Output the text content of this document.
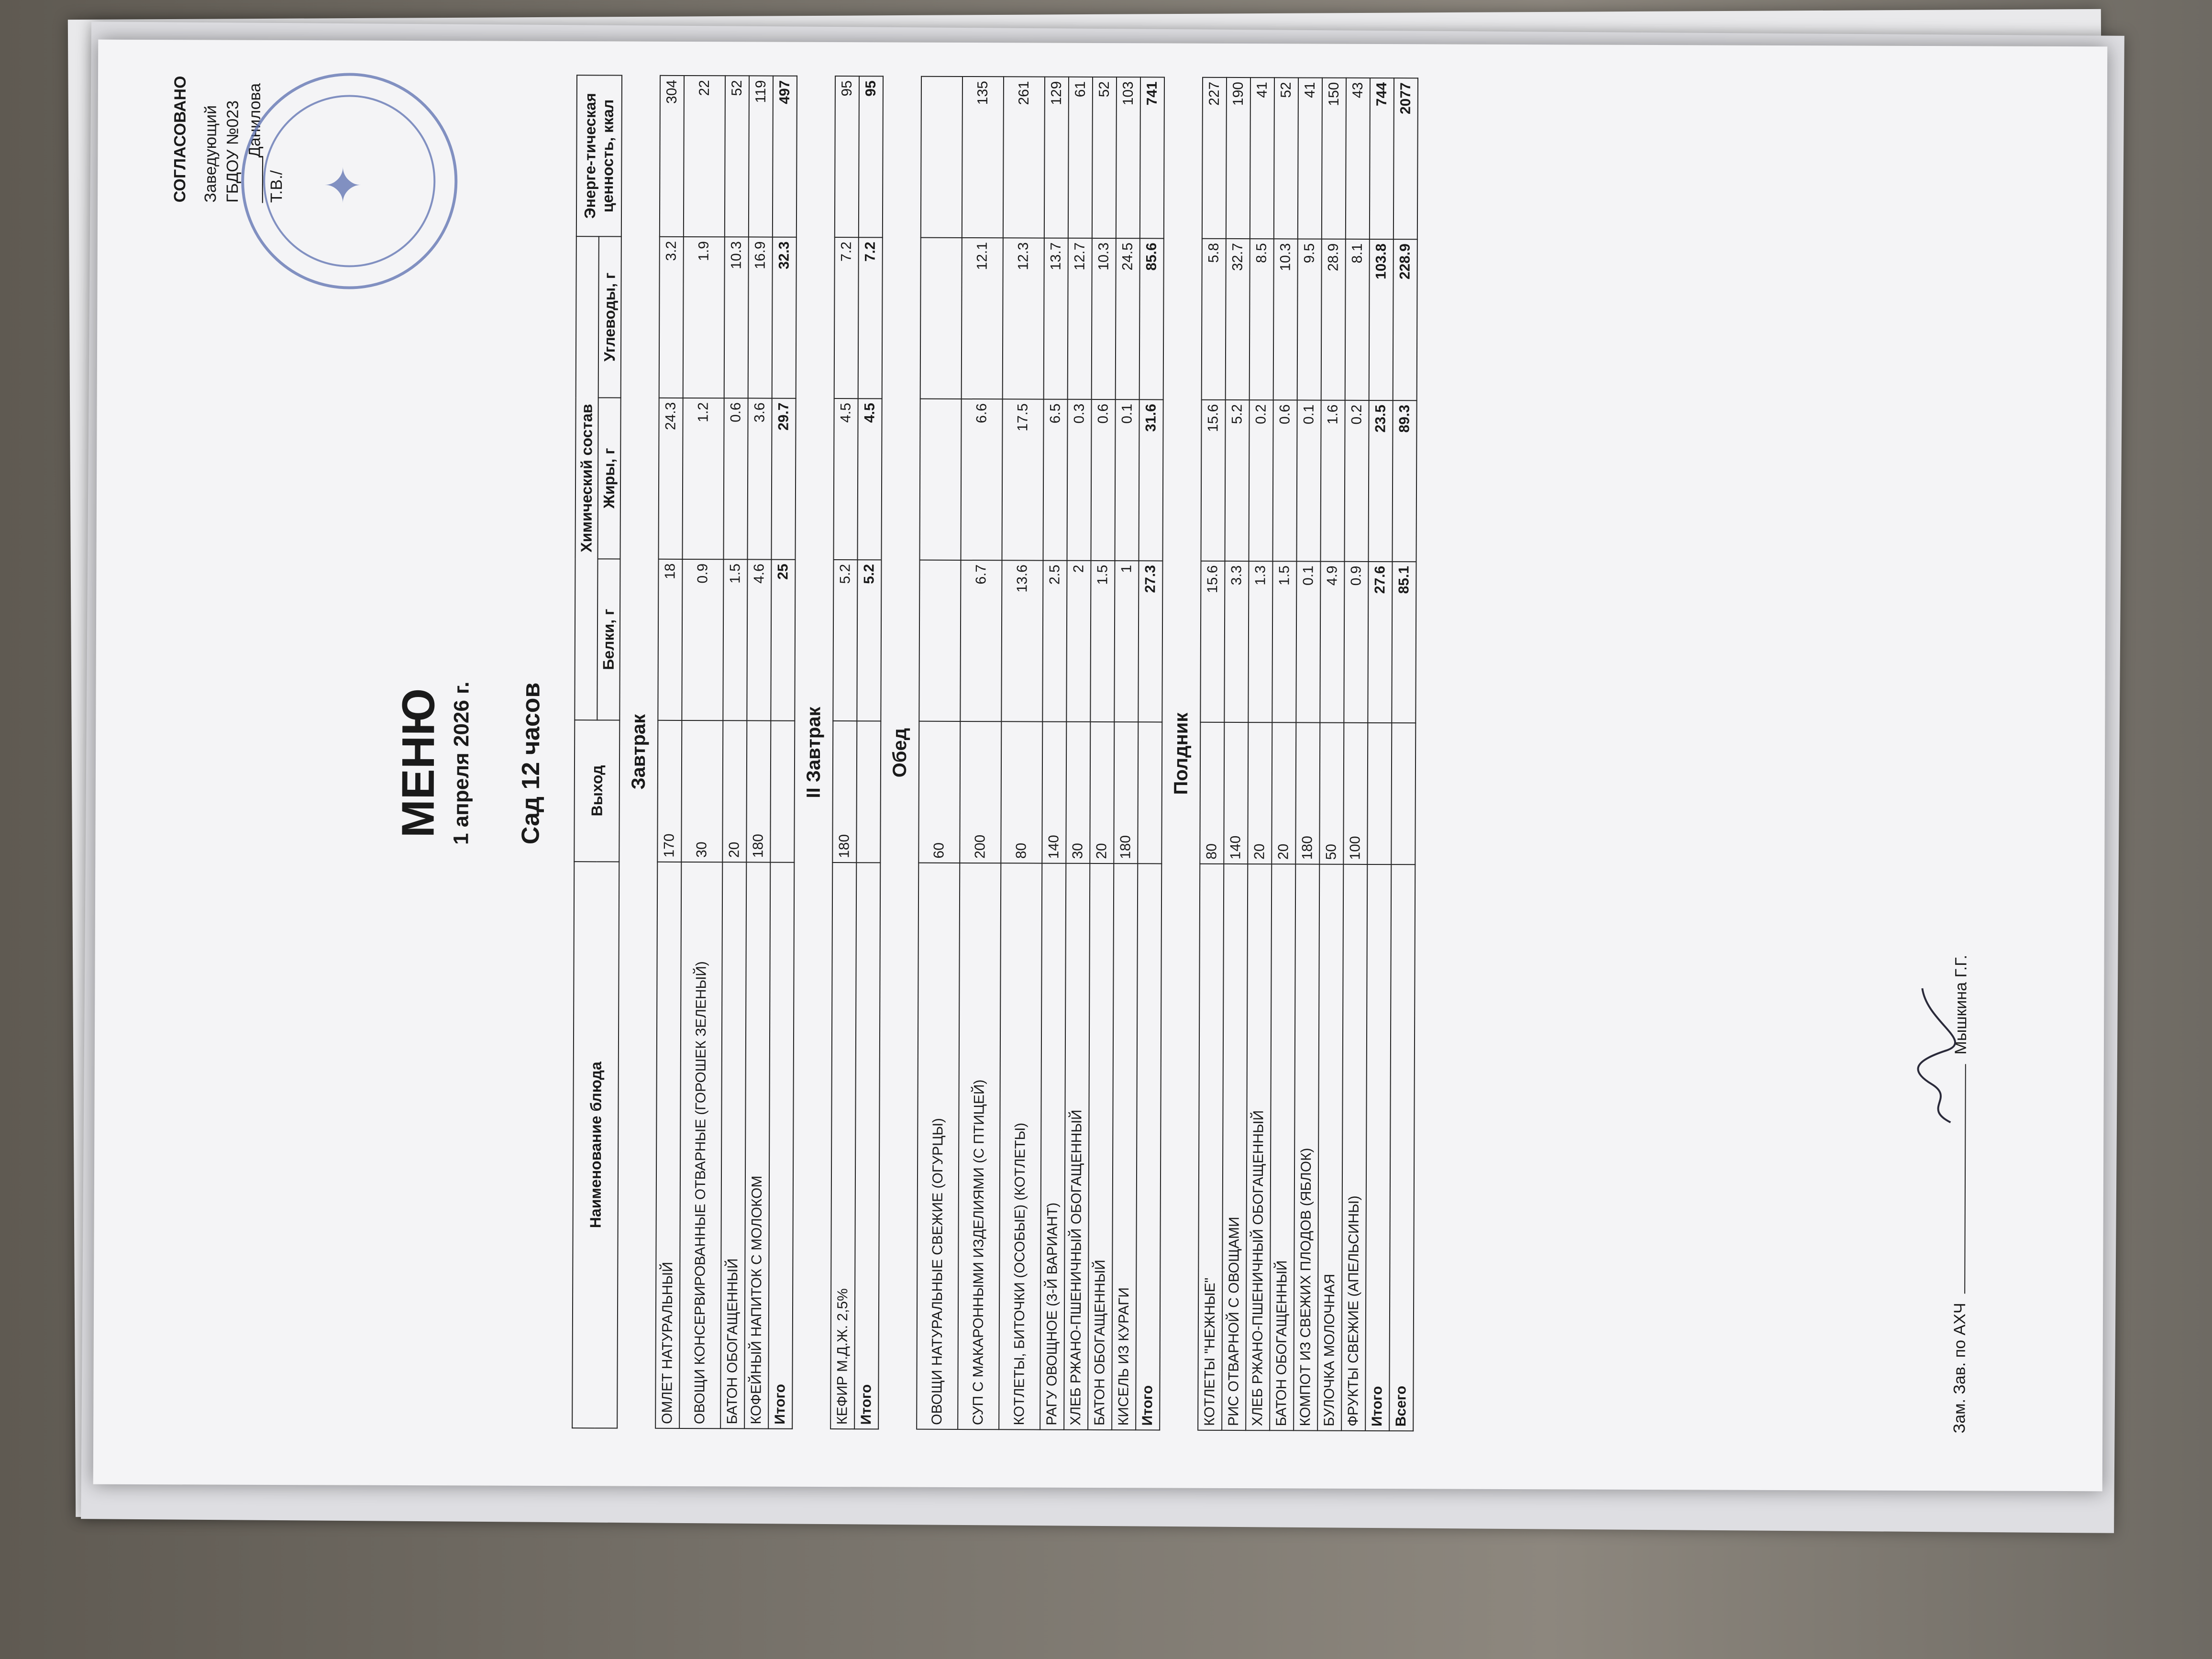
СОГЛАСОВАНО Заведующий ГБДОУ №023 _____Данилова Т.В./
✦
МЕНЮ 1 апреля 2026 г. Сад 12 часов
Наименование блюда	Выход	Химический состав			Энерге-тическая ценность, ккал
		Белки, г	Жиры, г	Углеводы, г	
Завтрак					
ОМЛЕТ НАТУРАЛЬНЫЙ	170	18	24.3	3.2	304
ОВОЩИ КОНСЕРВИРОВАННЫЕ ОТВАРНЫЕ (ГОРОШЕК ЗЕЛЕНЫЙ)	30	0.9	1.2	1.9	22
БАТОН ОБОГАЩЕННЫЙ	20	1.5	0.6	10.3	52
КОФЕЙНЫЙ НАПИТОК С МОЛОКОМ	180	4.6	3.6	16.9	119
Итого		25	29.7	32.3	497
II Завтрак					
КЕФИР М.Д.Ж. 2,5%	180	5.2	4.5	7.2	95
Итого		5.2	4.5	7.2	95
Обед					
ОВОЩИ НАТУРАЛЬНЫЕ СВЕЖИЕ (ОГУРЦЫ)	60				
СУП С МАКАРОННЫМИ ИЗДЕЛИЯМИ (С ПТИЦЕЙ)	200	6.7	6.6	12.1	135
КОТЛЕТЫ, БИТОЧКИ (ОСОБЫЕ) (КОТЛЕТЫ)	80	13.6	17.5	12.3	261
РАГУ ОВОЩНОЕ (3-Й ВАРИАНТ)	140	2.5	6.5	13.7	129
ХЛЕБ РЖАНО-ПШЕНИЧНЫЙ ОБОГАЩЕННЫЙ	30	2	0.3	12.7	61
БАТОН ОБОГАЩЕННЫЙ	20	1.5	0.6	10.3	52
КИСЕЛЬ ИЗ КУРАГИ	180	1	0.1	24.5	103
Итого		27.3	31.6	85.6	741
Полдник					
КОТЛЕТЫ "НЕЖНЫЕ"	80	15.6	15.6	5.8	227
РИС ОТВАРНОЙ С ОВОЩАМИ	140	3.3	5.2	32.7	190
ХЛЕБ РЖАНО-ПШЕНИЧНЫЙ ОБОГАЩЕННЫЙ	20	1.3	0.2	8.5	41
БАТОН ОБОГАЩЕННЫЙ	20	1.5	0.6	10.3	52
КОМПОТ ИЗ СВЕЖИХ ПЛОДОВ (ЯБЛОК)	180	0.1	0.1	9.5	41
БУЛОЧКА МОЛОЧНАЯ	50	4.9	1.6	28.9	150
ФРУКТЫ СВЕЖИЕ (АПЕЛЬСИНЫ)	100	0.9	0.2	8.1	43
Итого		27.6	23.5	103.8	744
Всего		85.1	89.3	228.9	2077
Зам. Зав. по АХЧ  Мышкина Г.Г.
